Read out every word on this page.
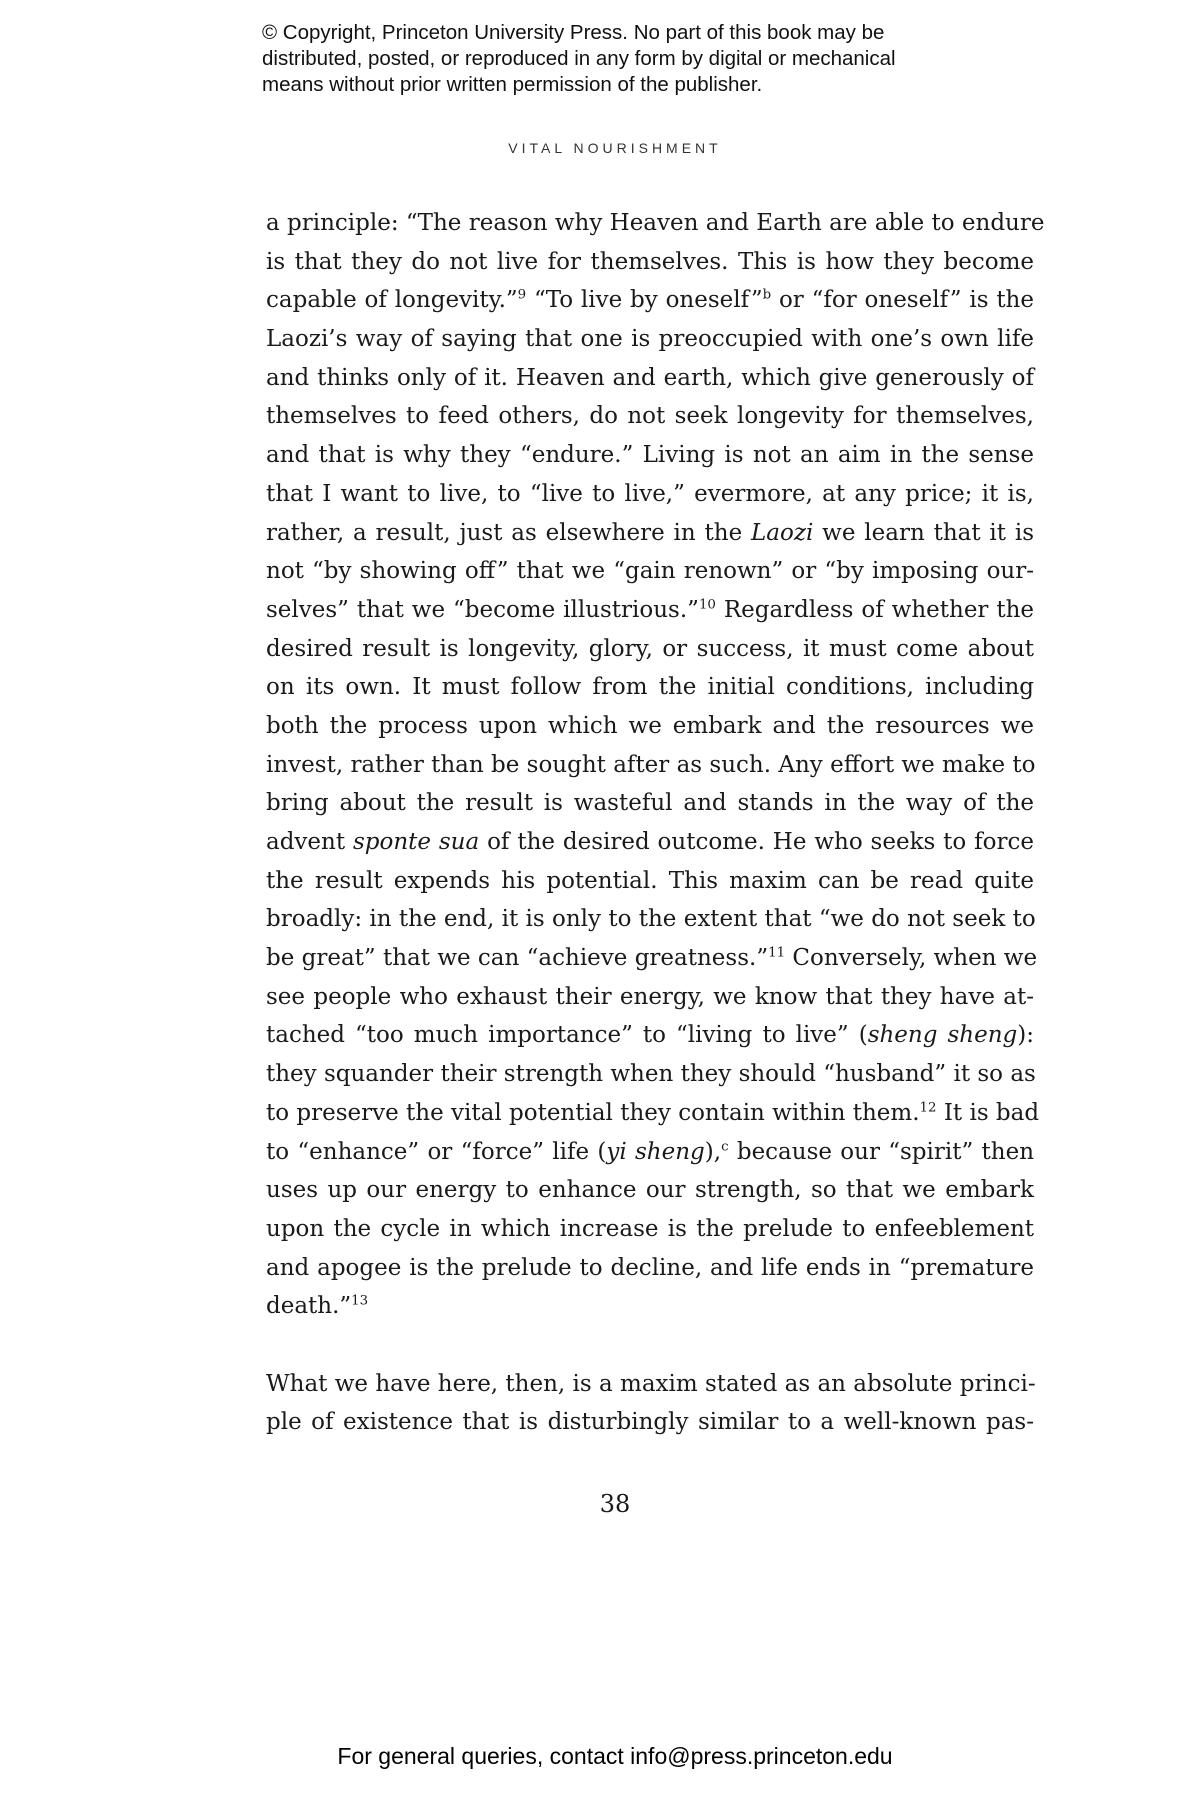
© Copyright, Princeton University Press. No part of this book may be
distributed, posted, or reproduced in any form by digital or mechanical
means without prior written permission of the publisher.
VITAL NOURISHMENT
a principle: “The reason why Heaven and Earth are able to endure
is that they do not live for themselves. This is how they become
capable of longevity.”$^9$ “To live by oneself”$^b$ or “for oneself” is the
Laozi’s way of saying that one is preoccupied with one’s own life
and thinks only of it. Heaven and earth, which give generously of
themselves to feed others, do not seek longevity for themselves,
and that is why they “endure.” Living is not an aim in the sense
that I want to live, to “live to live,” evermore, at any price; it is,
rather, a result, just as elsewhere in the Laozi we learn that it is
not “by showing off” that we “gain renown” or “by imposing our-
selves” that we “become illustrious.”$^{10}$ Regardless of whether the
desired result is longevity, glory, or success, it must come about
on its own. It must follow from the initial conditions, including
both the process upon which we embark and the resources we
invest, rather than be sought after as such. Any effort we make to
bring about the result is wasteful and stands in the way of the
advent sponte sua of the desired outcome. He who seeks to force
the result expends his potential. This maxim can be read quite
broadly: in the end, it is only to the extent that “we do not seek to
be great” that we can “achieve greatness.”$^{11}$ Conversely, when we
see people who exhaust their energy, we know that they have at-
tached “too much importance” to “living to live” (sheng sheng):
they squander their strength when they should “husband” it so as
to preserve the vital potential they contain within them.$^{12}$ It is bad
to “enhance” or “force” life (yi sheng),$^c$ because our “spirit” then
uses up our energy to enhance our strength, so that we embark
upon the cycle in which increase is the prelude to enfeeblement
and apogee is the prelude to decline, and life ends in “premature
death.”$^{13}$
What we have here, then, is a maxim stated as an absolute princi-
ple of existence that is disturbingly similar to a well-known pas-
38
For general queries, contact info@press.princeton.edu
